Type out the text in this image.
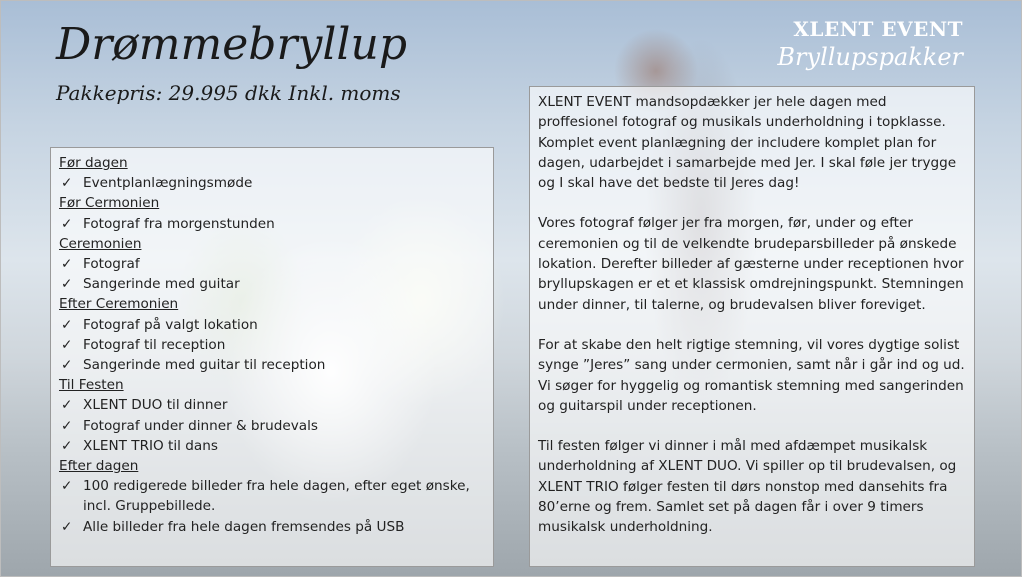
Drømmebryllup
Pakkepris: 29.995 dkk Inkl. moms
XLENT EVENT
Bryllupspakker
Før dagen
✓ Eventplanlægningsmøde
Før Cermonien
✓ Fotograf fra morgenstunden
Ceremonien
✓ Fotograf
✓ Sangerinde med guitar
Efter Ceremonien
✓ Fotograf på valgt lokation
✓ Fotograf til reception
✓ Sangerinde med guitar til reception
Til Festen
✓ XLENT DUO til dinner
✓ Fotograf under dinner & brudevals
✓ XLENT TRIO til dans
Efter dagen
✓ 100 redigerede billeder fra hele dagen, efter eget ønske, incl. Gruppebillede.
✓ Alle billeder fra hele dagen fremsendes på USB

XLENT EVENT mandsopdækker jer hele dagen med proffesionel fotograf og musikals underholdning i topklasse. Komplet event planlægning der includere komplet plan for dagen, udarbejdet i samarbejde med Jer. I skal føle jer trygge og I skal have det bedste til Jeres dag!

Vores fotograf følger jer fra morgen, før, under og efter ceremonien og til de velkendte brudeparsbilleder på ønskede lokation. Derefter billeder af gæsterne under receptionen hvor bryllupskagen er et et klassisk omdrejningspunkt. Stemningen under dinner, til talerne, og brudevalsen bliver foreviget.

For at skabe den helt rigtige stemning, vil vores dygtige solist synge ”Jeres” sang under cermonien, samt når i går ind og ud. Vi søger for hyggelig og romantisk stemning med sangerinden og guitarspil under receptionen.

Til festen følger vi dinner i mål med afdæmpet musikalsk underholdning af XLENT DUO. Vi spiller op til brudevalsen, og XLENT TRIO følger festen til dørs nonstop med dansehits fra 80’erne og frem. Samlet set på dagen får i over 9 timers musikalsk underholdning.
